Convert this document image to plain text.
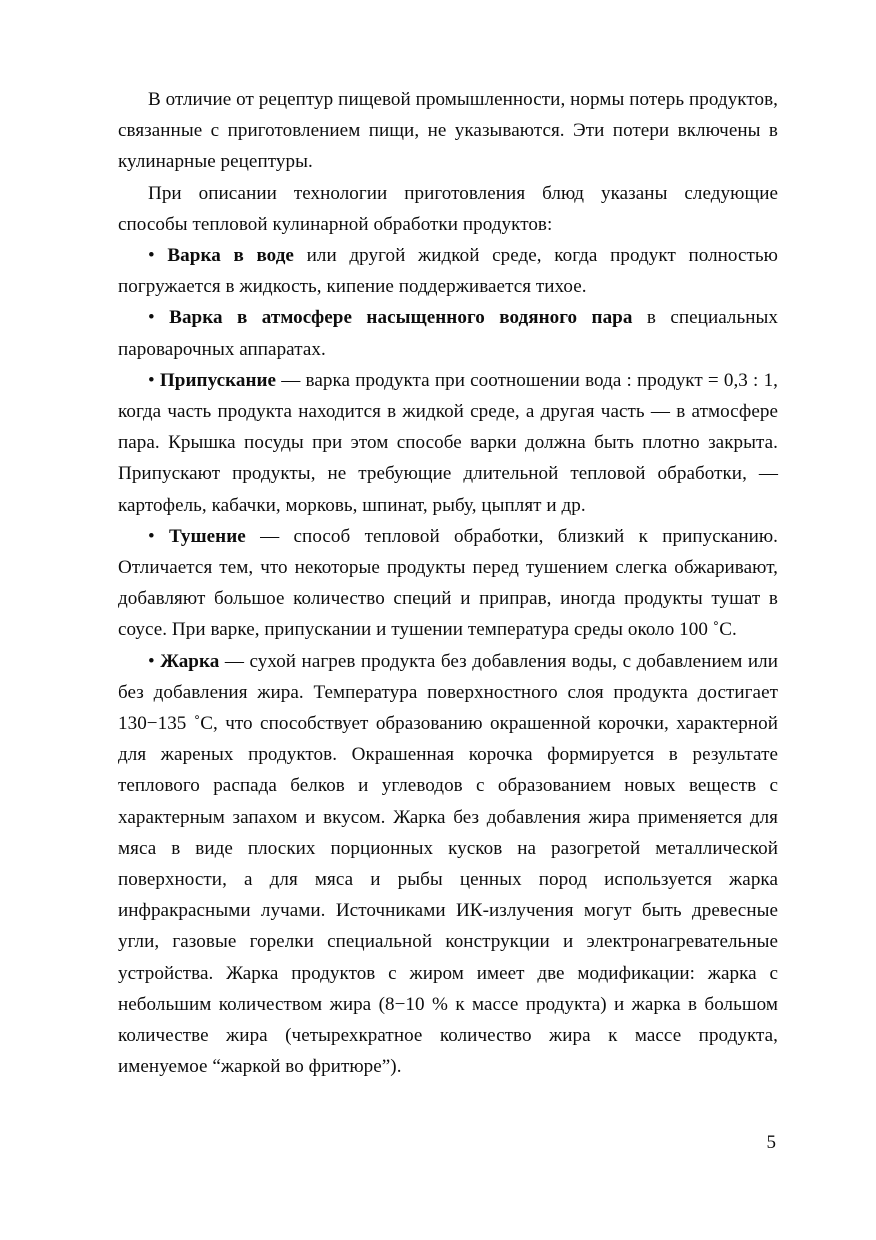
В отличие от рецептур пищевой промышленности, нормы потерь продуктов, связанные с приготовлением пищи, не указываются. Эти потери включены в кулинарные рецептуры.

При описании технологии приготовления блюд указаны следующие способы тепловой кулинарной обработки продуктов:

• Варка в воде или другой жидкой среде, когда продукт полностью погружается в жидкость, кипение поддерживается тихое.

• Варка в атмосфере насыщенного водяного пара в специальных пароварочных аппаратах.

• Припускание — варка продукта при соотношении вода : продукт = 0,3 : 1, когда часть продукта находится в жидкой среде, а другая часть — в атмосфере пара. Крышка посуды при этом способе варки должна быть плотно закрыта. Припускают продукты, не требующие длительной тепловой обработки, — картофель, кабачки, морковь, шпинат, рыбу, цыплят и др.

• Тушение — способ тепловой обработки, близкий к припусканию. Отличается тем, что некоторые продукты перед тушением слегка обжаривают, добавляют большое количество специй и приправ, иногда продукты тушат в соусе. При варке, припускании и тушении температура среды около 100 ˚С.

• Жарка — сухой нагрев продукта без добавления воды, с добавлением или без добавления жира. Температура поверхностного слоя продукта достигает 130−135 ˚С, что способствует образованию окрашенной корочки, характерной для жареных продуктов. Окрашенная корочка формируется в результате теплового распада белков и углеводов с образованием новых веществ с характерным запахом и вкусом. Жарка без добавления жира применяется для мяса в виде плоских порционных кусков на разогретой металлической поверхности, а для мяса и рыбы ценных пород используется жарка инфракрасными лучами. Источниками ИК-излучения могут быть древесные угли, газовые горелки специальной конструкции и электронагревательные устройства. Жарка продуктов с жиром имеет две модификации: жарка с небольшим количеством жира (8−10 % к массе продукта) и жарка в большом количестве жира (четырехкратное количество жира к массе продукта, именуемое “жаркой во фритюре”).

5
